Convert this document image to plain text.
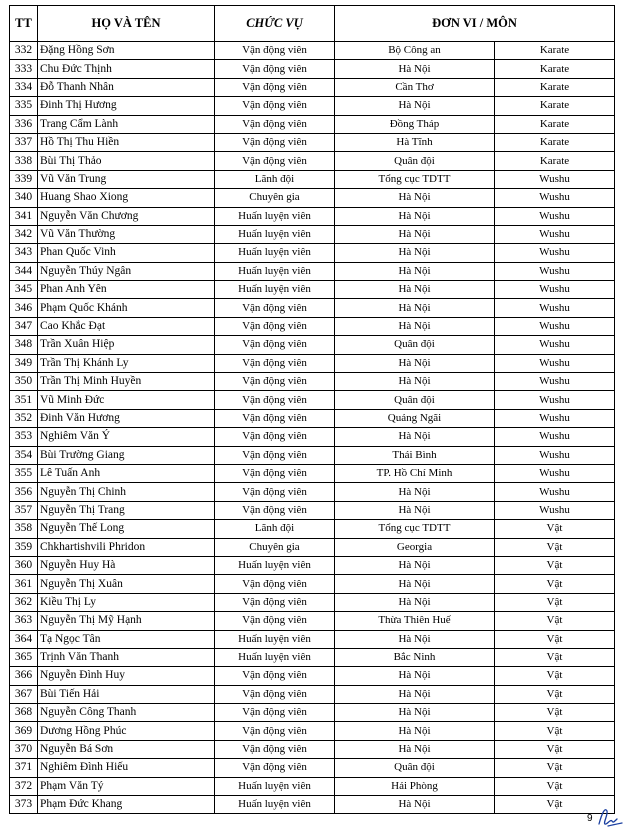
TT	HỌ VÀ TÊN	CHỨC VỤ	ĐƠN VI / MÔN	
332	Đặng Hồng Sơn	Vận động viên	Bộ Công an	Karate
333	Chu Đức Thịnh	Vận động viên	Hà Nội	Karate
334	Đỗ Thanh Nhân	Vận động viên	Cần Thơ	Karate
335	Đinh Thị Hương	Vận động viên	Hà Nội	Karate
336	Trang Cẩm Lành	Vận động viên	Đồng Tháp	Karate
337	Hồ Thị Thu Hiền	Vận động viên	Hà Tĩnh	Karate
338	Bùi Thị Thảo	Vận động viên	Quân đội	Karate
339	Vũ Văn Trung	Lãnh đội	Tổng cục TDTT	Wushu
340	Huang Shao Xiong	Chuyên gia	Hà Nội	Wushu
341	Nguyễn Văn Chương	Huấn luyện viên	Hà Nội	Wushu
342	Vũ Văn Thường	Huấn luyện viên	Hà Nội	Wushu
343	Phan Quốc Vinh	Huấn luyện viên	Hà Nội	Wushu
344	Nguyễn Thúy Ngân	Huấn luyện viên	Hà Nội	Wushu
345	Phan Anh Yên	Huấn luyện viên	Hà Nội	Wushu
346	Phạm Quốc Khánh	Vận động viên	Hà Nội	Wushu
347	Cao Khắc Đạt	Vận động viên	Hà Nội	Wushu
348	Trần Xuân Hiệp	Vận động viên	Quân đội	Wushu
349	Trần Thị Khánh Ly	Vận động viên	Hà Nội	Wushu
350	Trần Thị Minh Huyền	Vận động viên	Hà Nội	Wushu
351	Vũ Minh Đức	Vận động viên	Quân đội	Wushu
352	Đinh Văn Hương	Vận động viên	Quảng Ngãi	Wushu
353	Nghiêm Văn Ý	Vận động viên	Hà Nội	Wushu
354	Bùi Trường Giang	Vận động viên	Thái Bình	Wushu
355	Lê Tuấn Anh	Vận động viên	TP. Hồ Chí Minh	Wushu
356	Nguyễn Thị Chinh	Vận động viên	Hà Nội	Wushu
357	Nguyễn Thị Trang	Vận động viên	Hà Nội	Wushu
358	Nguyễn Thế Long	Lãnh đội	Tổng cục TDTT	Vật
359	Chkhartishvili Phridon	Chuyên gia	Georgia	Vật
360	Nguyễn Huy Hà	Huấn luyện viên	Hà Nội	Vật
361	Nguyễn Thị Xuân	Vận động viên	Hà Nội	Vật
362	Kiều Thị Ly	Vận động viên	Hà Nội	Vật
363	Nguyễn Thị Mỹ Hạnh	Vận động viên	Thừa Thiên Huế	Vật
364	Tạ Ngọc Tân	Huấn luyện viên	Hà Nội	Vật
365	Trịnh Văn Thanh	Huấn luyện viên	Bắc Ninh	Vật
366	Nguyễn Đình Huy	Vận động viên	Hà Nội	Vật
367	Bùi Tiến Hải	Vận động viên	Hà Nội	Vật
368	Nguyễn Công Thanh	Vận động viên	Hà Nội	Vật
369	Dương Hồng Phúc	Vận động viên	Hà Nội	Vật
370	Nguyễn Bá Sơn	Vận động viên	Hà Nội	Vật
371	Nghiêm Đình Hiếu	Vận động viên	Quân đội	Vật
372	Phạm Văn Tý	Huấn luyện viên	Hải Phòng	Vật
373	Phạm Đức Khang	Huấn luyện viên	Hà Nội	Vật
9
